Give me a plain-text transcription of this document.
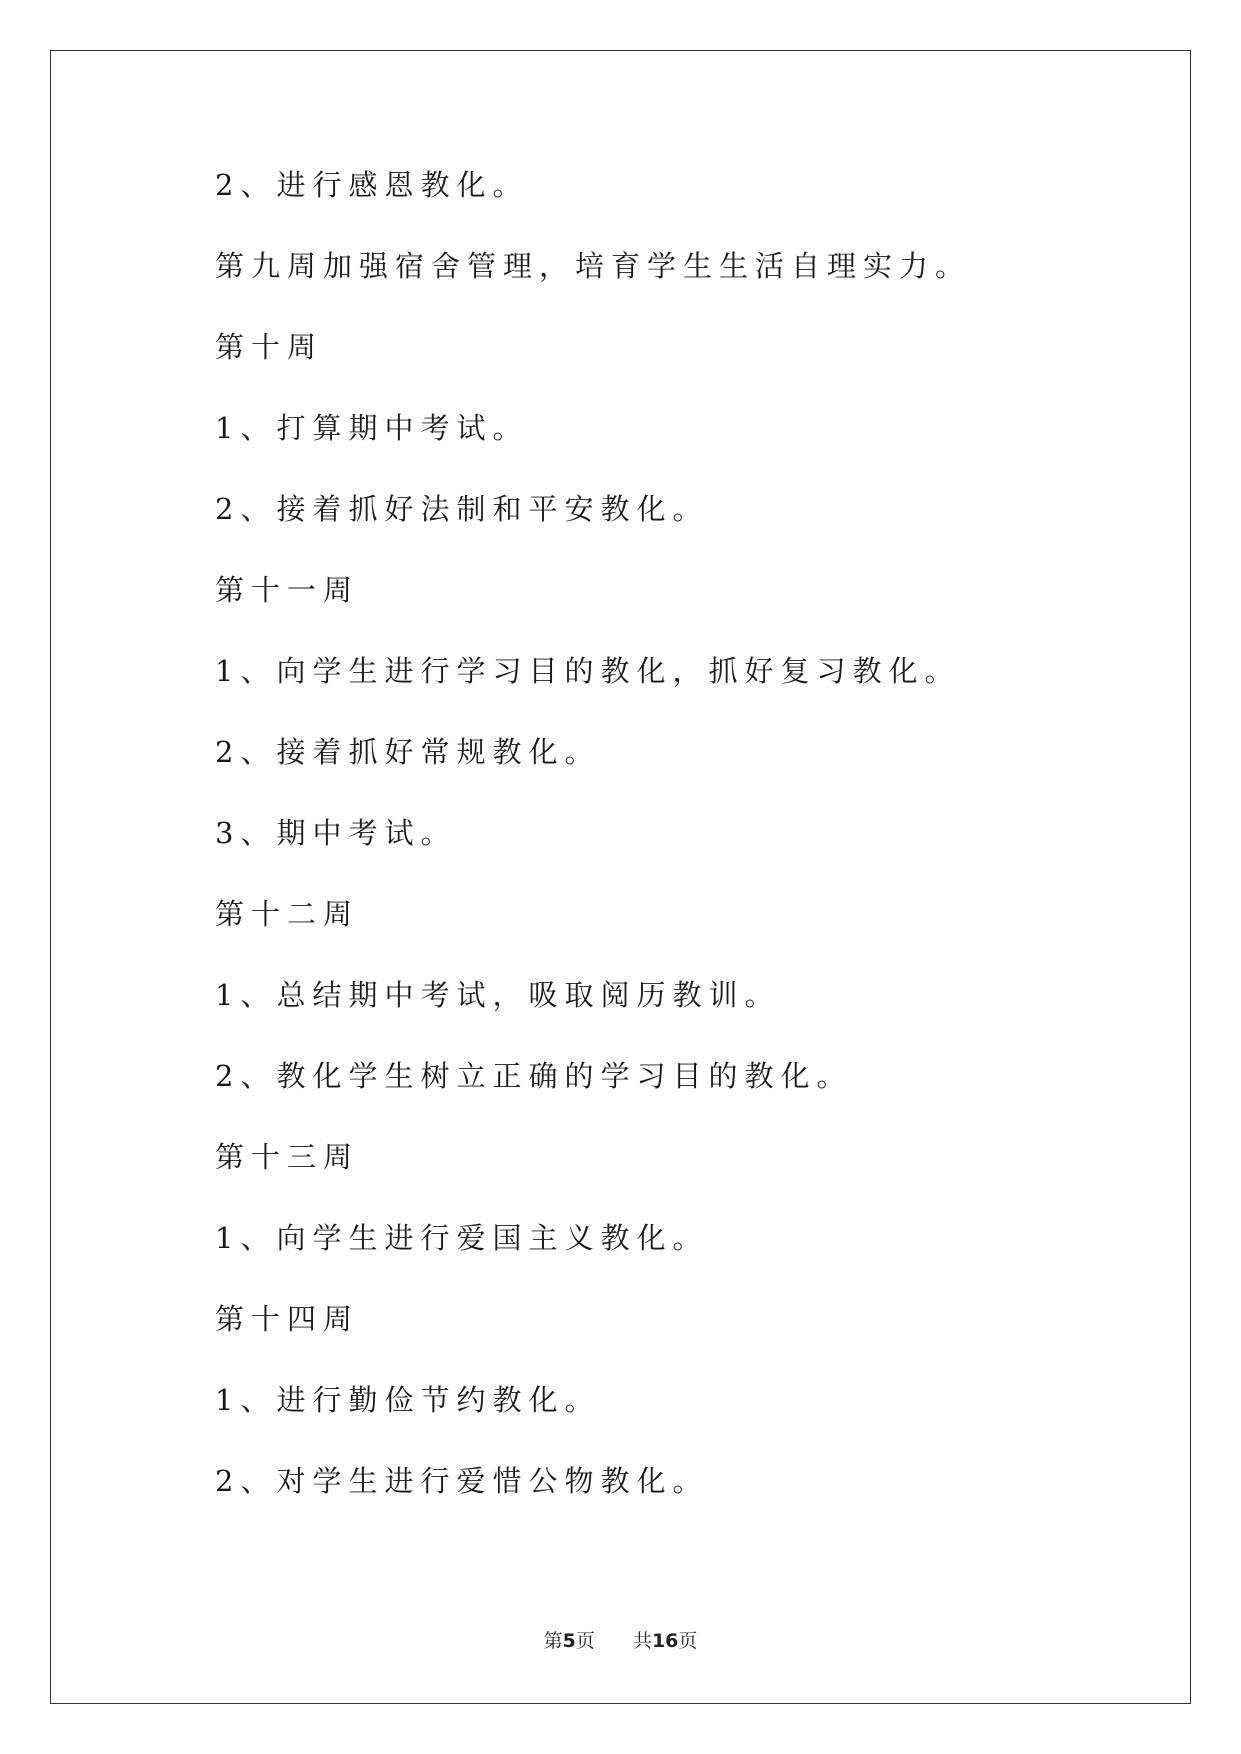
2、进行感恩教化。
第九周加强宿舍管理，培育学生生活自理实力。
第十周
1、打算期中考试。
2、接着抓好法制和平安教化。
第十一周
1、向学生进行学习目的教化，抓好复习教化。
2、接着抓好常规教化。
3、期中考试。
第十二周
1、总结期中考试，吸取阅历教训。
2、教化学生树立正确的学习目的教化。
第十三周
1、向学生进行爱国主义教化。
第十四周
1、进行勤俭节约教化。
2、对学生进行爱惜公物教化。
第5页 共16页
